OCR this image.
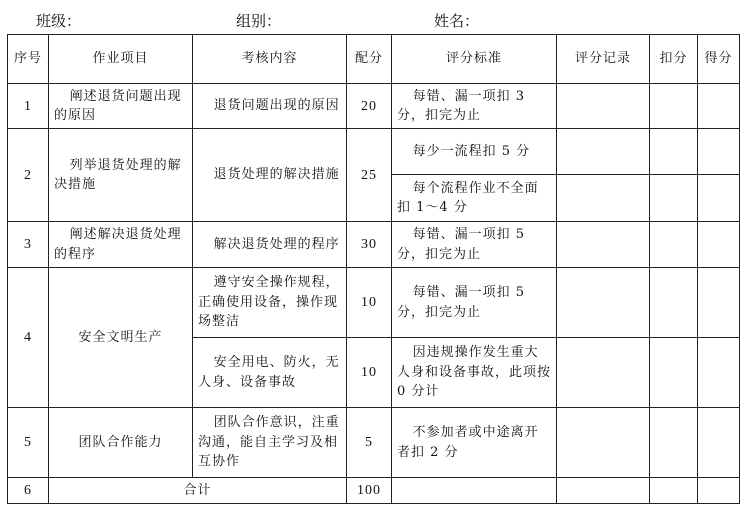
班级：	组别：	姓名：
序号	作业项目	考核内容	配分	评分标准	评分记录	扣分	得分
1	阐述退货问题出现的原因	退货问题出现的原因	20	每错、漏一项扣 3 分，扣完为止			
2	列举退货处理的解决措施	退货处理的解决措施	25	每少一流程扣 5 分			
				每个流程作业不全面扣 1～4 分			
3	阐述解决退货处理的程序	解决退货处理的程序	30	每错、漏一项扣 5 分，扣完为止			
4	安全文明生产	遵守安全操作规程，正确使用设备，操作现场整洁	10	每错、漏一项扣 5 分，扣完为止			
		安全用电、防火，无人身、设备事故	10	因违规操作发生重大人身和设备事故，此项按 0 分计			
5	团队合作能力	团队合作意识，注重沟通，能自主学习及相互协作	5	不参加者或中途离开者扣 2 分			
6	合计		100				
